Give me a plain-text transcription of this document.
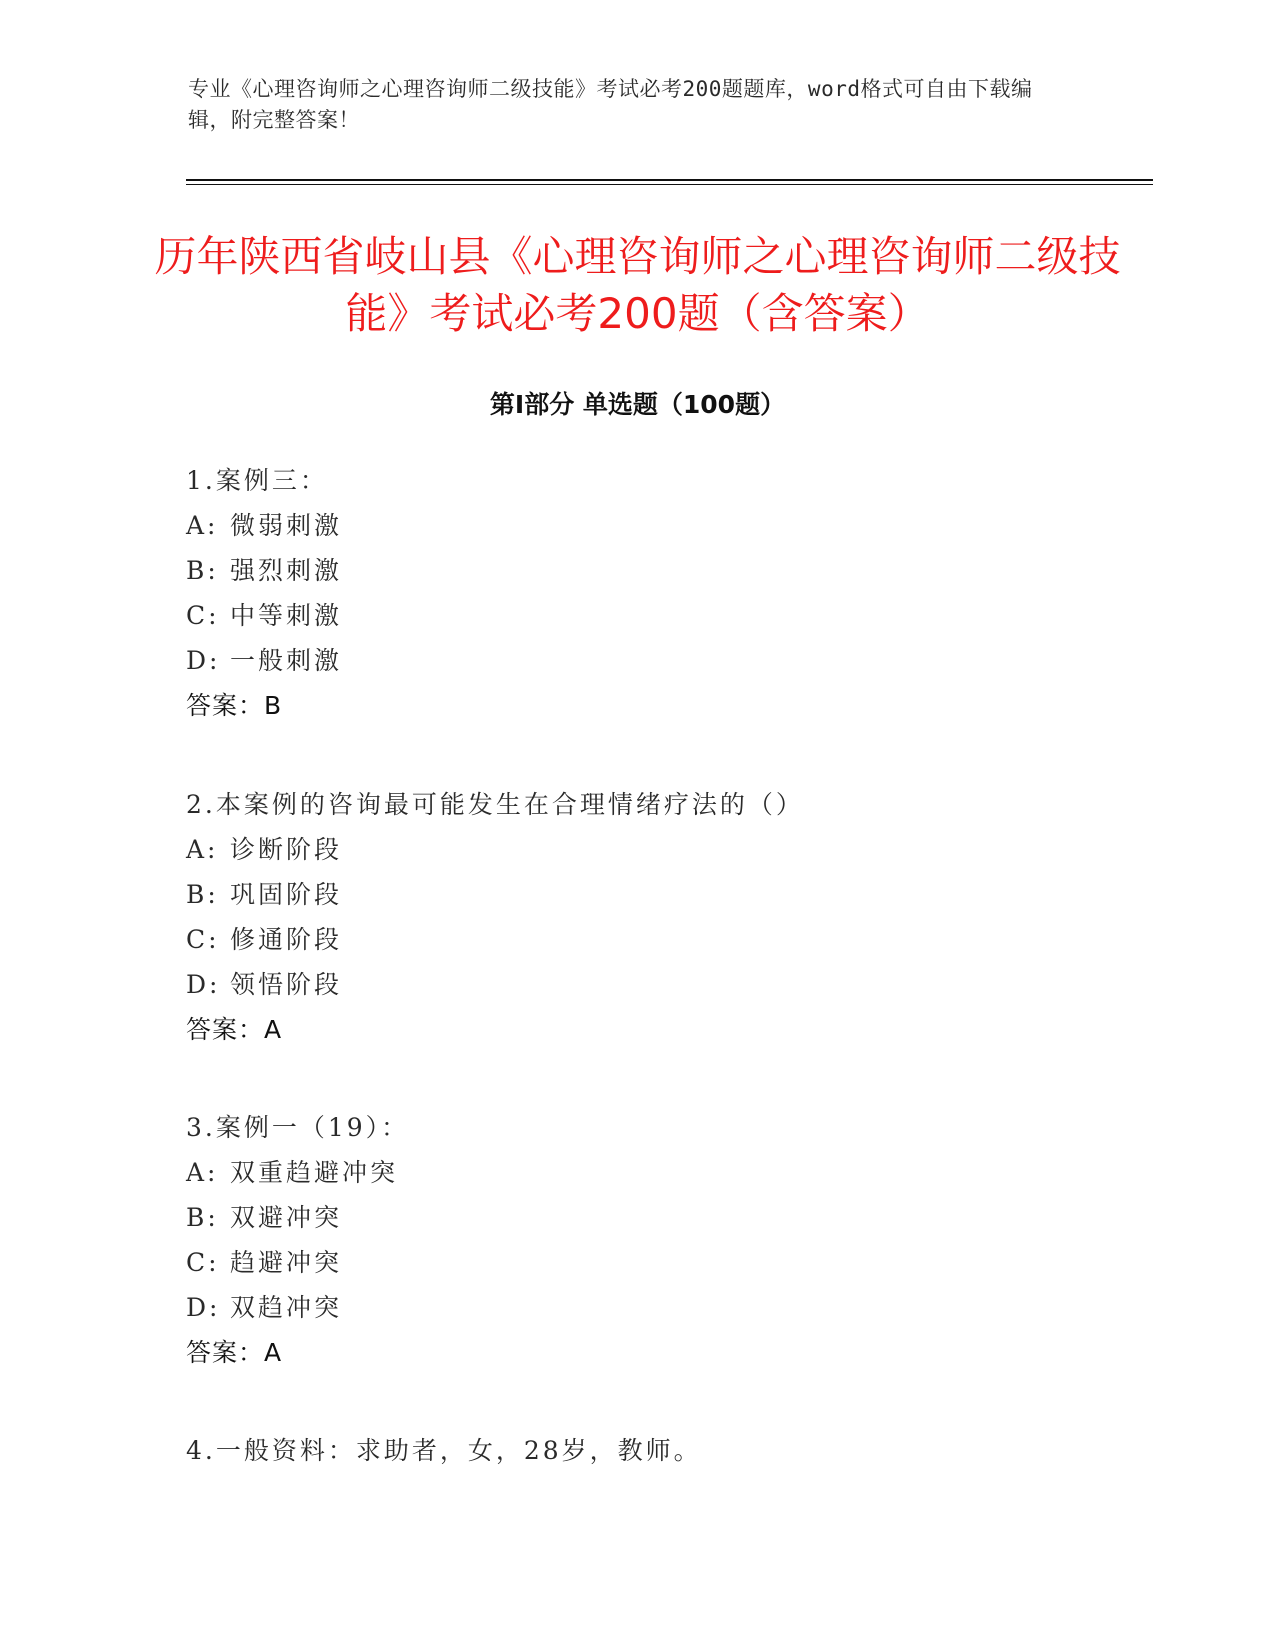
专业《心理咨询师之心理咨询师二级技能》考试必考200题题库，word格式可自由下载编辑，附完整答案！
历年陕西省岐山县《心理咨询师之心理咨询师二级技能》考试必考200题（含答案）
第I部分 单选题（100题）
1.案例三：
A: 微弱刺激
B: 强烈刺激
C: 中等刺激
D: 一般刺激
答案：B
2.本案例的咨询最可能发生在合理情绪疗法的（）
A: 诊断阶段
B: 巩固阶段
C: 修通阶段
D: 领悟阶段
答案：A
3.案例一（19）：
A: 双重趋避冲突
B: 双避冲突
C: 趋避冲突
D: 双趋冲突
答案：A
4.一般资料：求助者，女，28岁，教师。
